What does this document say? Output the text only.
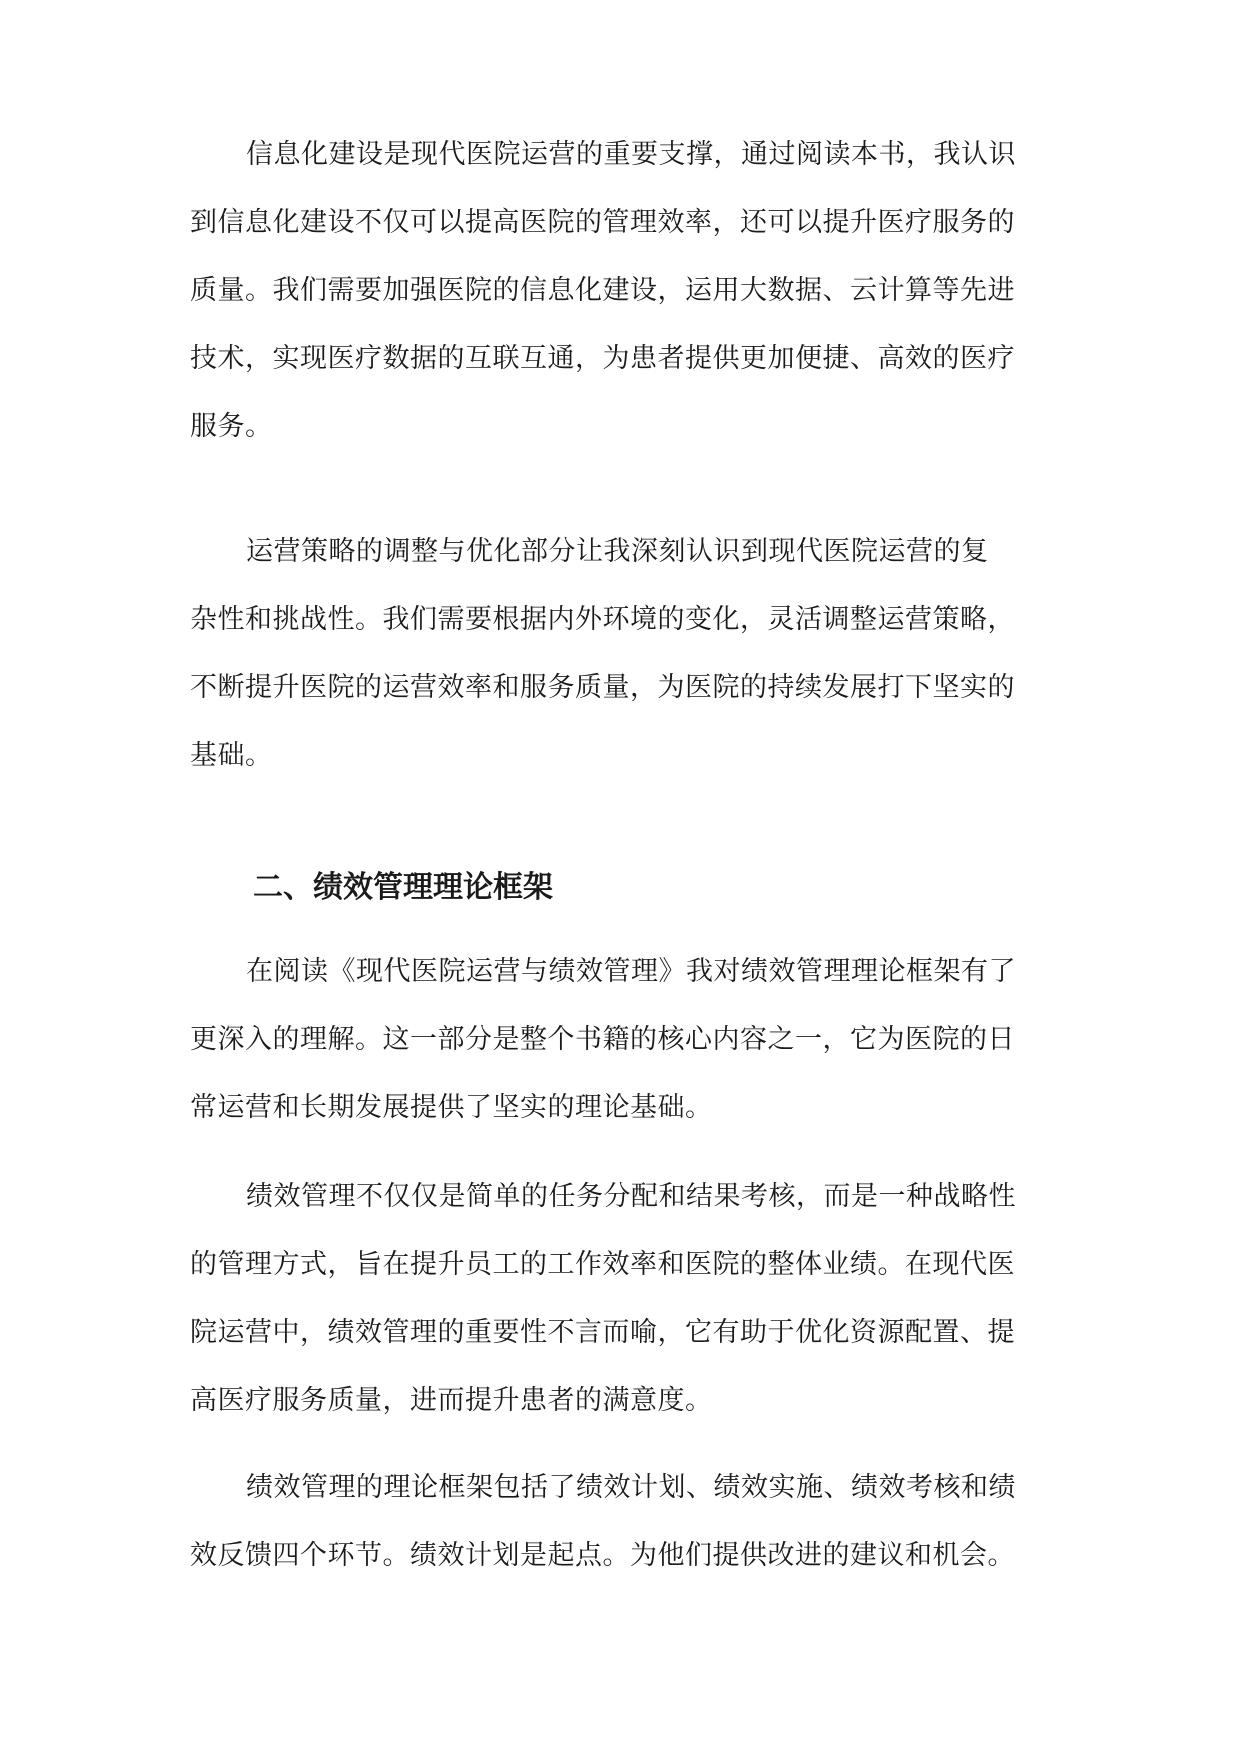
信息化建设是现代医院运营的重要支撑，通过阅读本书，我认识
到信息化建设不仅可以提高医院的管理效率，还可以提升医疗服务的
质量。我们需要加强医院的信息化建设，运用大数据、云计算等先进
技术，实现医疗数据的互联互通，为患者提供更加便捷、高效的医疗
服务。
运营策略的调整与优化部分让我深刻认识到现代医院运营的复
杂性和挑战性。我们需要根据内外环境的变化，灵活调整运营策略，
不断提升医院的运营效率和服务质量，为医院的持续发展打下坚实的
基础。
二、绩效管理理论框架
在阅读《现代医院运营与绩效管理》我对绩效管理理论框架有了
更深入的理解。这一部分是整个书籍的核心内容之一，它为医院的日
常运营和长期发展提供了坚实的理论基础。
绩效管理不仅仅是简单的任务分配和结果考核，而是一种战略性
的管理方式，旨在提升员工的工作效率和医院的整体业绩。在现代医
院运营中，绩效管理的重要性不言而喻，它有助于优化资源配置、提
高医疗服务质量，进而提升患者的满意度。
绩效管理的理论框架包括了绩效计划、绩效实施、绩效考核和绩
效反馈四个环节。绩效计划是起点。为他们提供改进的建议和机会。
